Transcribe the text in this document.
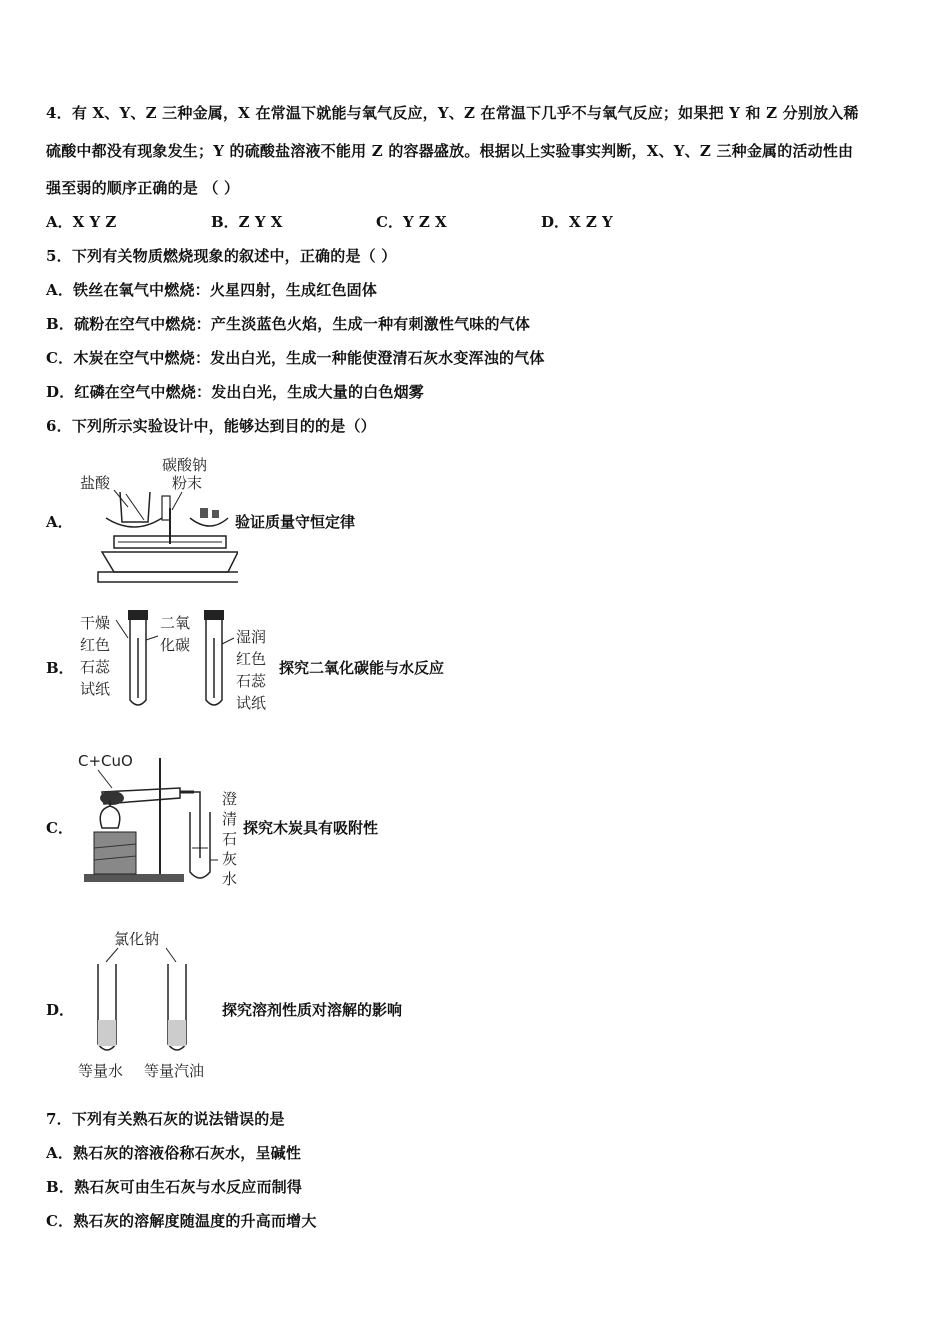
4．有 X、Y、Z 三种金属，X 在常温下就能与氧气反应，Y、Z 在常温下几乎不与氧气反应；如果把 Y 和 Z 分别放入稀
硫酸中都没有现象发生；Y 的硫酸盐溶液不能用 Z 的容器盛放。根据以上实验事实判断，X、Y、Z 三种金属的活动性由
强至弱的顺序正确的是 （ ）
A．X Y Z	B．Z Y X	C．Y Z X	D．X Z Y
5．下列有关物质燃烧现象的叙述中，正确的是（ ）
A．铁丝在氧气中燃烧：火星四射，生成红色固体
B．硫粉在空气中燃烧：产生淡蓝色火焰，生成一种有刺激性气味的气体
C．木炭在空气中燃烧：发出白光，生成一种能使澄清石灰水变浑浊的气体
D．红磷在空气中燃烧：发出白光，生成大量的白色烟雾
6．下列所示实验设计中，能够达到目的的是（）
A．
盐酸
碳酸钠
粉末
验证质量守恒定律
B．
干燥
红色
石蕊
试纸
二氧
化碳	湿润
红色
石蕊
试纸
探究二氧化碳能与水反应
C．
C+CuO
澄
清
石
灰
水
探究木炭具有吸附性
D．
氯化钠
等量水 等量汽油
探究溶剂性质对溶解的影响
7．下列有关熟石灰的说法错误的是
A．熟石灰的溶液俗称石灰水，呈碱性
B．熟石灰可由生石灰与水反应而制得
C．熟石灰的溶解度随温度的升高而增大
